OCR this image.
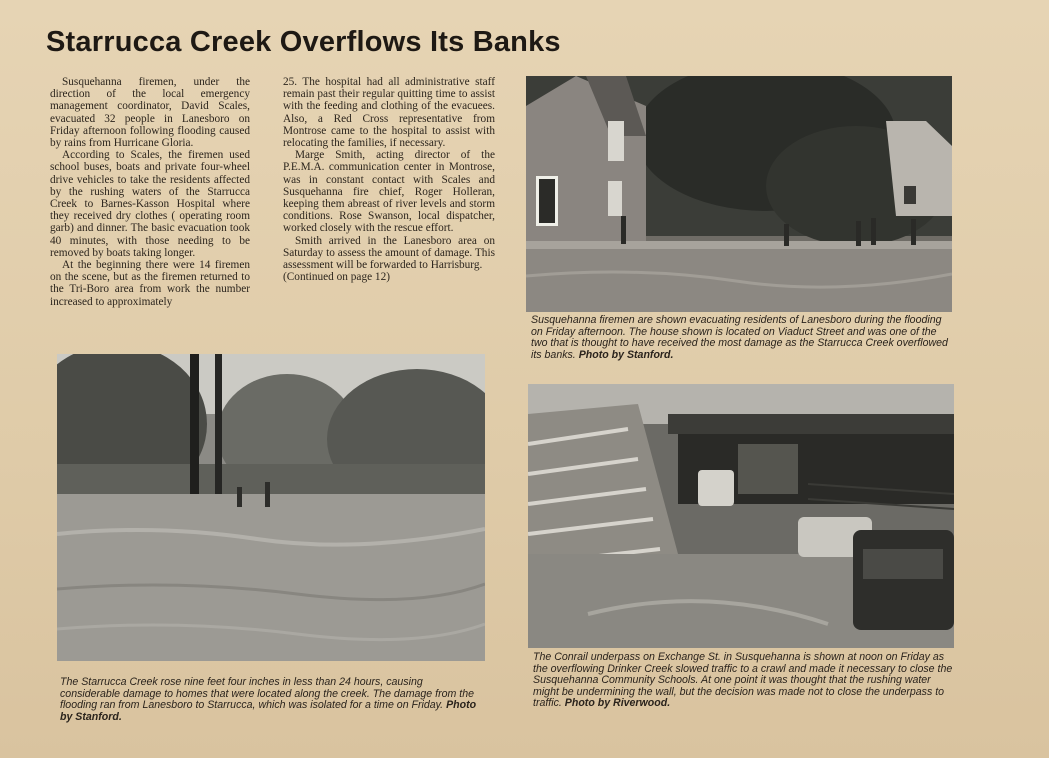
Starrucca Creek Overflows Its Banks

Susquehanna firemen, under the direction of the local emergency management coordinator, David Scales, evacuated 32 people in Lanesboro on Friday afternoon following flooding caused by rains from Hurricane Gloria.

According to Scales, the firemen used school buses, boats and private four-wheel drive vehicles to take the residents affected by the rushing waters of the Starrucca Creek to Barnes-Kasson Hospital where they received dry clothes ( operating room garb) and dinner. The basic evacuation took 40 minutes, with those needing to be removed by boats taking longer.

At the beginning there were 14 firemen on the scene, but as the firemen returned to the Tri-Boro area from work the number increased to approximately

25. The hospital had all administrative staff remain past their regular quitting time to assist with the feeding and clothing of the evacuees. Also, a Red Cross representative from Montrose came to the hospital to assist with relocating the families, if necessary.

Marge Smith, acting director of the P.E.M.A. communication center in Montrose, was in constant contact with Scales and Susquehanna fire chief, Roger Holleran, keeping them abreast of river levels and storm conditions. Rose Swanson, local dispatcher, worked closely with the rescue effort.

Smith arrived in the Lanesboro area on Saturday to assess the amount of damage. This assessment will be forwarded to Harrisburg.

(Continued on page 12)

Susquehanna firemen are shown evacuating residents of Lanesboro during the flooding on Friday afternoon. The house shown is located on Viaduct Street and was one of the two that is thought to have received the most damage as the Starrucca Creek overflowed its banks. Photo by Stanford.

The Starrucca Creek rose nine feet four inches in less than 24 hours, causing considerable damage to homes that were located along the creek. The damage from the flooding ran from Lanesboro to Starrucca, which was isolated for a time on Friday. Photo by Stanford.

The Conrail underpass on Exchange St. in Susquehanna is shown at noon on Friday as the overflowing Drinker Creek slowed traffic to a crawl and made it necessary to close the Susquehanna Community Schools. At one point it was thought that the rushing water might be undermining the wall, but the decision was made not to close the underpass to traffic. Photo by Riverwood.
